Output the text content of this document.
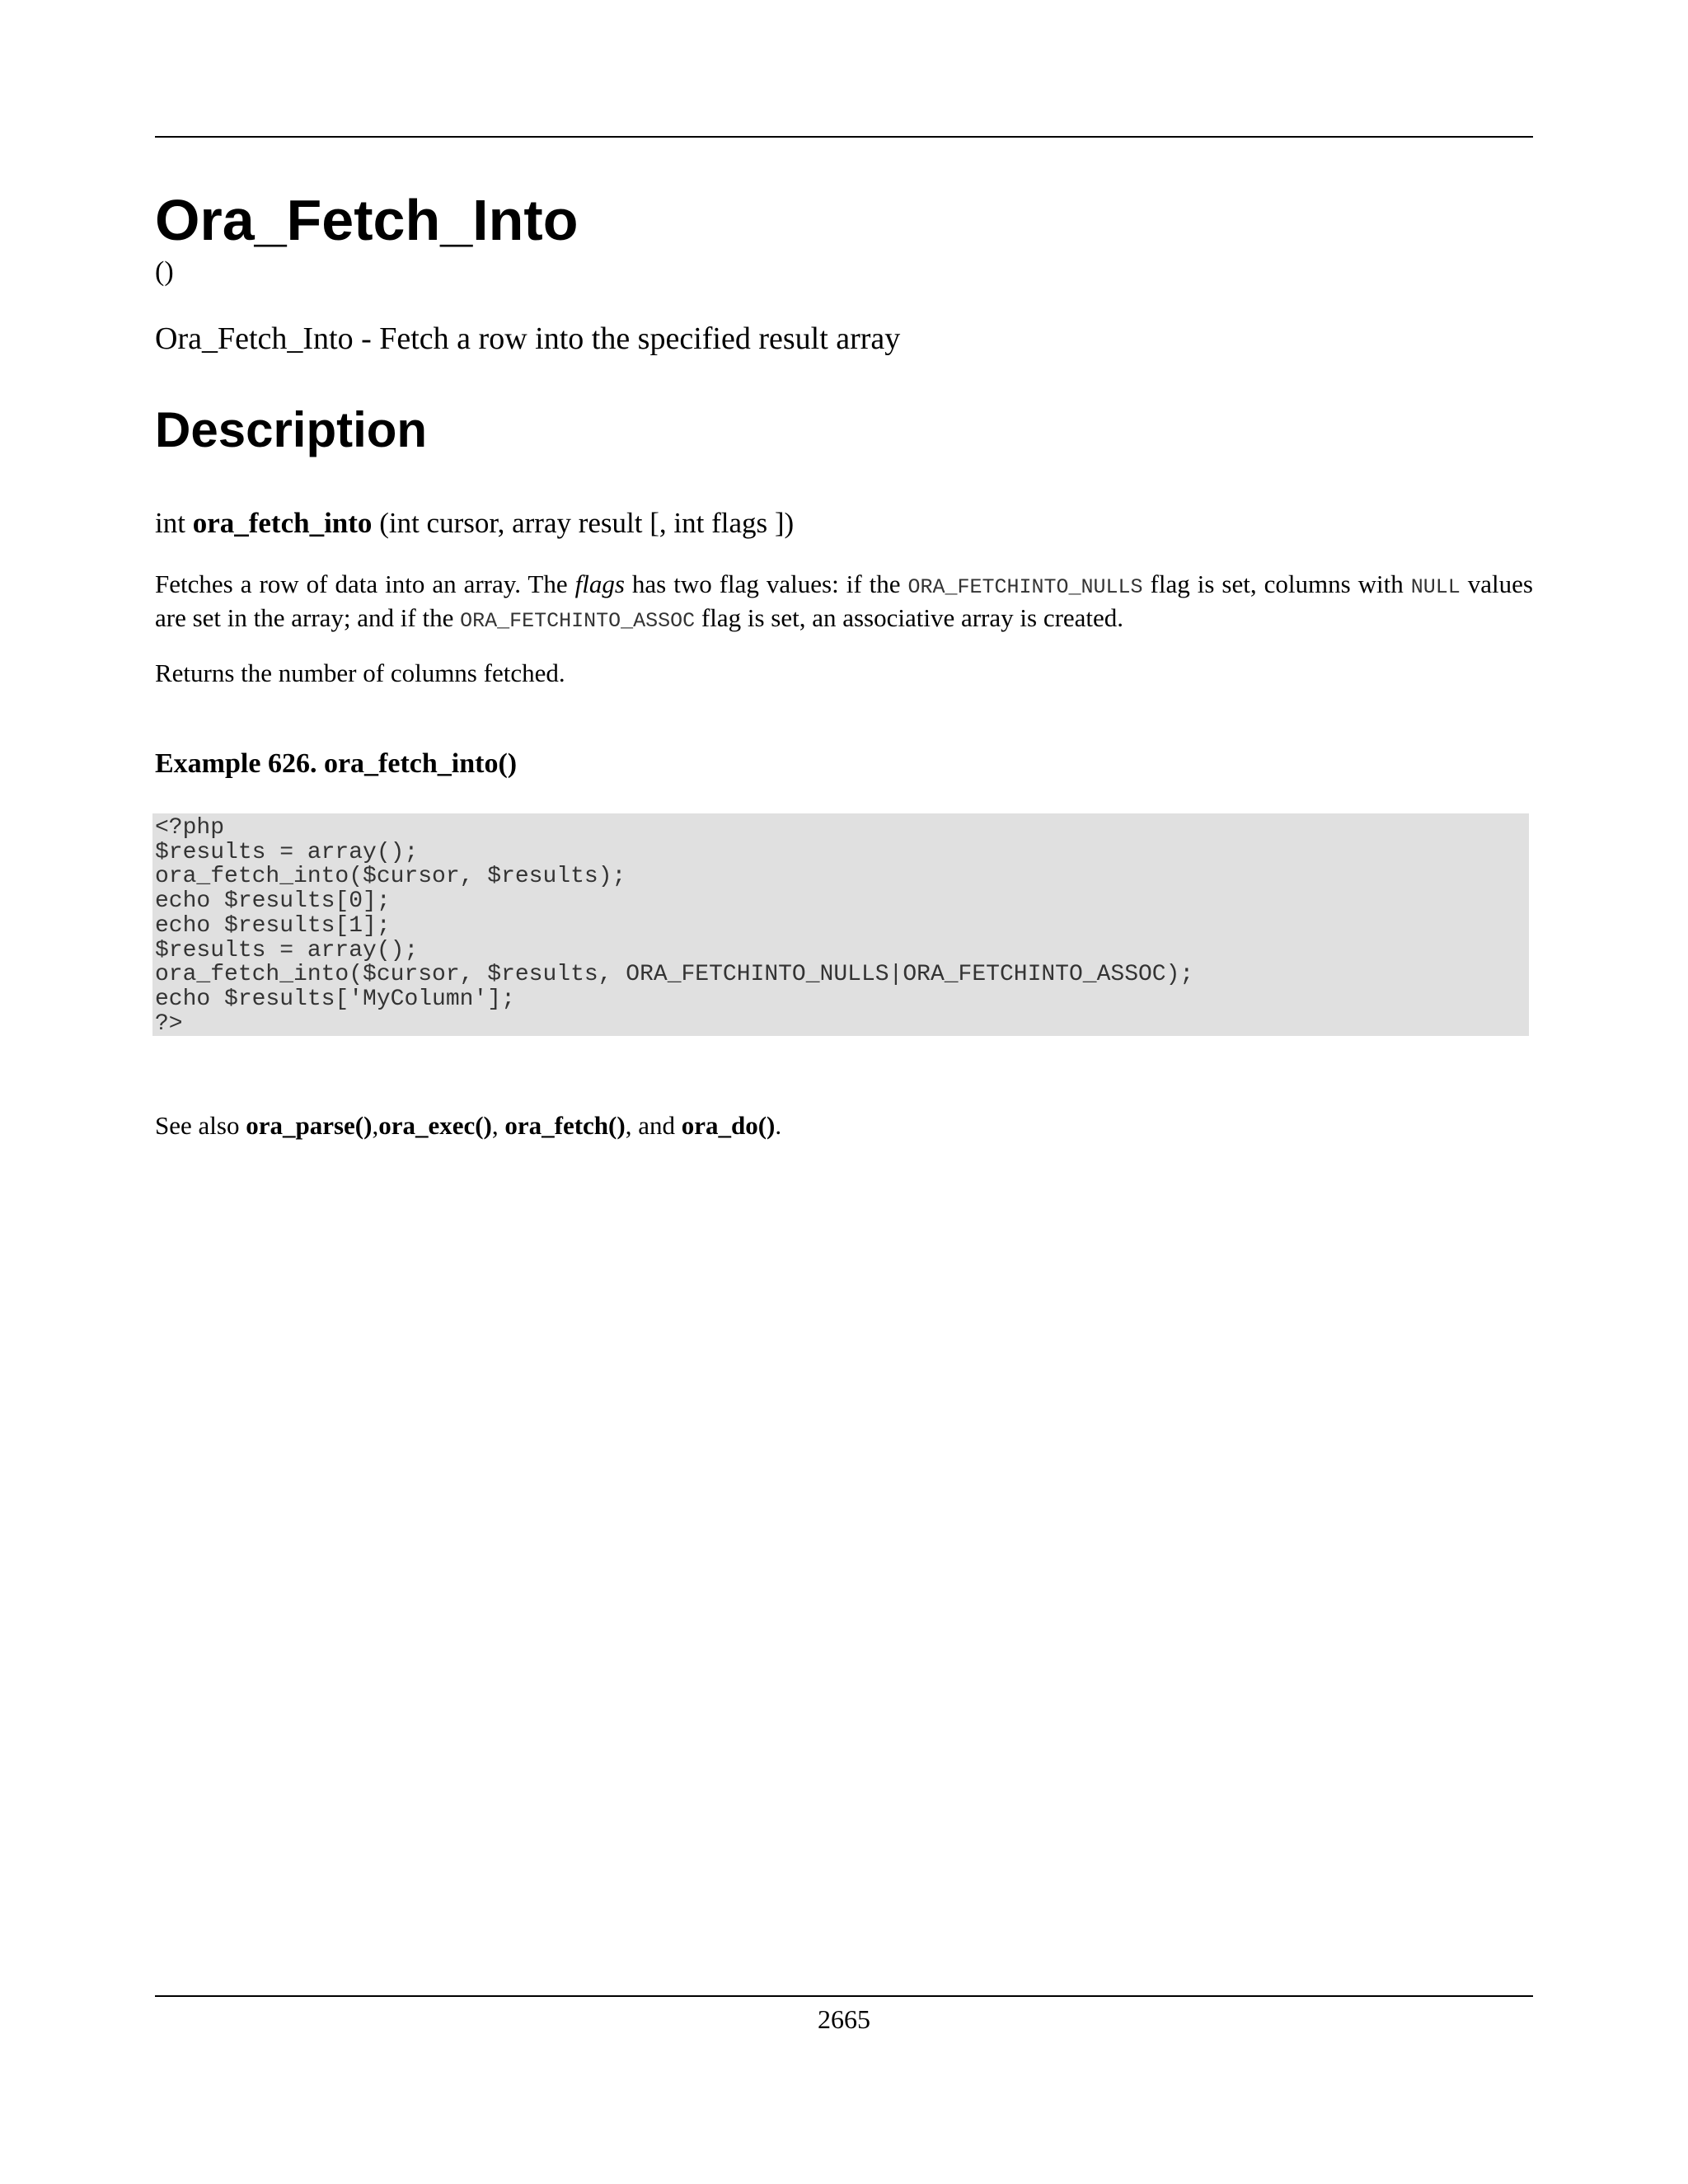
Ora_Fetch_Into
()
Ora_Fetch_Into - Fetch a row into the specified result array
Description
int ora_fetch_into (int cursor, array result [, int flags ])
Fetches a row of data into an array. The flags has two flag values: if the ORA_FETCHINTO_NULLS flag is set, columns with NULL values are set in the array; and if the ORA_FETCHINTO_ASSOC flag is set, an associative array is created.
Returns the number of columns fetched.
Example 626. ora_fetch_into()
<?php
$results = array();
ora_fetch_into($cursor, $results);
echo $results[0];
echo $results[1];
$results = array();
ora_fetch_into($cursor, $results, ORA_FETCHINTO_NULLS|ORA_FETCHINTO_ASSOC);
echo $results['MyColumn'];
?>
See also ora_parse(),ora_exec(), ora_fetch(), and ora_do().
2665
